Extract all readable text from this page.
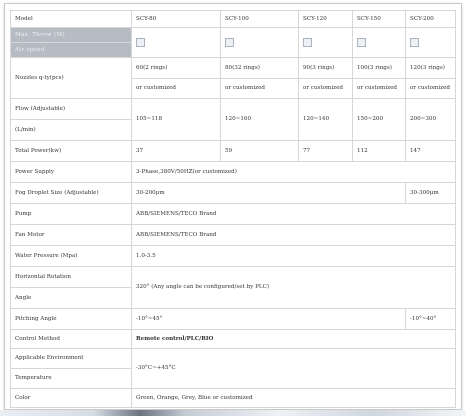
Model	SCY-80	SCY-100	SCY-120	SCY-150	SCY-200
Max. Throw (M)					
Air speed					
Nozzles q-ty(pcs)	60(2 rings)	80(32 rings)	90(3 rings)	100(3 rings)	120(3 rings)
	or customized	or customized	or customized	or customized	or customized
Flow (Adjustable)	105~118	120~160	120~140	150~200	200~300
(L/min)					
Total Power(kw)	37	59	77	112	147
Power Supply	3-Phase,380V/50HZ(or customized)				
Fog Droplet Size (Adjustable)	30-200μm				30-300μm
Pump	ABB/SIEMENS/TECO Brand				
Fan Motor	ABB/SIEMENS/TECO Brand				
Water Pressure (Mpa)	1.0-3.5				
Horizontal Rotation	320° (Any angle can be configured/set by PLC)				
Angle					
Pitching Angle	-10°~45°				-10°~40°
Control Method	Remote control/PLC/RIO				
Applicable Environment	-30°C~+45°C				
Temperature					
Color	Green, Orange, Grey, Blue or customized				
